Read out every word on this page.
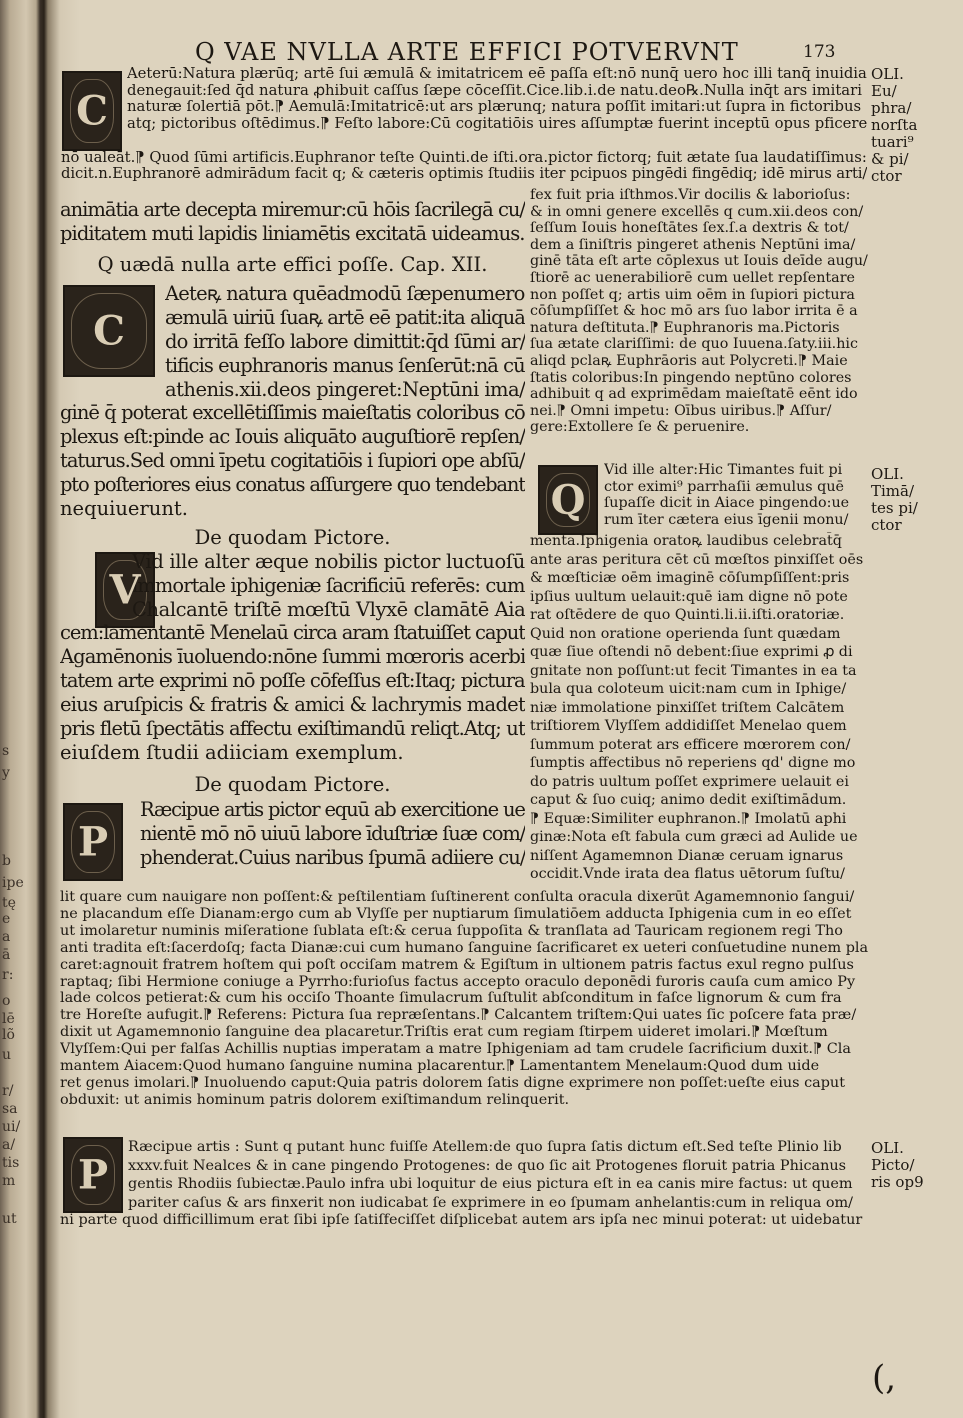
s
y
b
ipe
tę
e
a
ā
r:
o
lē
lõ
u
r/
sa
ui/
a/
tis
m
ut
Q VAE NVLLA ARTE EFFICI POTVERVNT	173
C

Aeterū:Natura plærūq; artē ſui æmulā & imitatricem eē paſſa eſt:nō nunq̄ uero hoc illi tanq̄ inuidia

denegauit:ſed q̄d natura ꝓhibuit caſſus ſæpe cōceſſit.Cice.lib.i.de natu.deo℞.Nulla inq̄t ars imitari

naturæ ſolertiā pōt.⁋ Aemulā:Imitatricē:ut ars plærunq; natura poſſit imitari:ut ſupra in fictoribus

atq; pictoribus oſtēdimus.⁋ Feſto labore:Cū cogitatiōis uires aſſumptæ fuerint inceptū opus pficere

nō ualeāt.⁋ Quod ſūmi artificis.Euphranor teſte Quinti.de iſti.ora.pictor fictorq; fuit ætate ſua laudatiſſimus:

dicit.n.Euphranorē admirādum facit q; & cæteris optimis ſtudiis iter pcipuos pingēdi fingēdiq; idē mirus arti/

OLI.

Eu/

phra/

norſta

tuari⁹

& pi/

ctor

animātia arte decepta miremur:cū hōis ſacrilegā cu/

piditatem muti lapidis liniamētis excitatā uideamus.

Q uædā nulla arte effici poſſe. Cap. XII.
C

Aeteꝶ natura quēadmodū ſæpenumero

æmulā uiriū ſuaꝶ artē eē patit:ita aliquā

do irritā feſſo labore dimittit:q̄d ſūmi ar/

tificis euphranoris manus ſenſerūt:nā cū

athenis.xii.deos pingeret:Neptūni ima/

ginē q̄ poterat excellētiſſimis maieſtatis coloribus cō

plexus eſt:pinde ac Iouis aliquāto auguſtiorē repſen/

taturus.Sed omni īpetu cogitatiōis i ſupiori ope abſū/

pto poſteriores eius conatus aſſurgere quo tendebant

nequiuerunt.

De quodam Pictore.
V

Vid ille alter æque nobilis pictor luctuoſū

immortale iphigeniæ ſacrificiū referēs: cum

Chalcantē triſtē mœſtū Vlyxē clamātē Aia

cem:lamentantē Menelaū circa aram ſtatuiſſet caput

Agamēnonis īuoluendo:nōne ſummi mœroris acerbi

tatem arte exprimi nō poſſe cōfeſſus eſt:Itaq; pictura

eius aruſpicis & fratris & amici & lachrymis madet

pris fletū ſpectātis affectu exiſtimandū reliqt.Atq; ut

eiuſdem ſtudii adiiciam exemplum.

De quodam Pictore.
P

Ræcipue artis pictor equū ab exercitione ue

nientē mō nō uiuū labore īduſtriæ ſuæ com/

phenderat.Cuius naribus ſpumā adiiere cu/

fex fuit pria iſthmos.Vir docilis & laborioſus:

& in omni genere excellēs q cum.xii.deos con/

ſeſſum Iouis honeſtātes ſex.ſ.a dextris & tot/

dem a ſiniſtris pingeret athenis Neptūni ima/

ginē tāta eſt arte cōplexus ut Iouis deīde augu/

ſtiorē ac uenerabiliorē cum uellet repſentare

non poſſet q; artis uim oēm in ſupiori pictura

cōſumpſiſſet & hoc mō ars ſuo labor irrita ē a

natura deſtituta.⁋ Euphranoris ma.Pictoris

ſua ætate clariſſimi: de quo Iuuena.ſaty.iii.hic

aliqd pclaꝶ Euphrāoris aut Polycreti.⁋ Maie

ſtatis coloribus:In pingendo neptūno colores

adhibuit q ad exprimēdam maieſtatē eēnt ido

nei.⁋ Omni impetu: Oībus uiribus.⁋ Aſſur/

gere:Extollere ſe & peruenire.

Q

Vid ille alter:Hic Timantes fuit pi

ctor eximi⁹ parrhaſii æmulus quē

ſupaſſe dicit in Aiace pingendo:ue

rum īter cætera eius īgenii monu/

menta.Iphigenia oratoꝶ laudibus celebrat̄q̄

ante aras peritura cēt cū mœſtos pinxiſſet oēs

& mœſticiæ oēm imaginē cōſumpſiſſent:pris

ipſius uultum uelauit:quē iam digne nō pote

rat oſtēdere de quo Quinti.li.ii.iſti.oratoriæ.

Quid non oratione operienda ſunt quædam

quæ ſiue oſtendi nō debent:ſiue exprimi ꝓ di

gnitate non poſſunt:ut fecit Timantes in ea ta

bula qua coloteum uicit:nam cum in Iphige/

niæ immolatione pinxiſſet triſtem Calcātem

triſtiorem Vlyſſem addidiſſet Menelao quem

ſummum poterat ars efficere mœrorem con/

ſumptis affectibus nō reperiens qd' digne mo

do patris uultum poſſet exprimere uelauit ei

caput & ſuo cuiq; animo dedit exiſtimādum.

⁋ Equæ:Similiter euphranon.⁋ Imolatū aphi

ginæ:Nota eſt fabula cum græci ad Aulide ue

niſſent Agamemnon Dianæ ceruam ignarus

occidit.Vnde irata dea flatus uētorum ſuſtu/

OLI.

Timā/

tes pi/

ctor

lit quare cum nauigare non poſſent:& peſtilentiam ſuſtinerent conſulta oracula dixerūt Agamemnonio ſangui/

ne placandum eſſe Dianam:ergo cum ab Vlyſſe per nuptiarum ſimulatiōem adducta Iphigenia cum in eo eſſet

ut imolaretur numinis miſeratione ſublata eſt:& cerua ſuppoſita & tranſlata ad Tauricam regionem regi Tho

anti tradita eſt:ſacerdoſq; facta Dianæ:cui cum humano ſanguine ſacrificaret ex ueteri conſuetudine nunem pla

caret:agnouit fratrem hoſtem qui poſt occiſam matrem & Egiſtum in ultionem patris factus exul regno pulſus

raptaq; ſibi Hermione coniuge a Pyrrho:furioſus factus accepto oraculo deponēdi furoris cauſa cum amico Py

lade colcos petierat:& cum his occiſo Thoante ſimulacrum ſuſtulit abſconditum in faſce lignorum & cum fra

tre Horeſte aufugit.⁋ Referens: Pictura ſua repræſentans.⁋ Calcantem triſtem:Qui uates ſic poſcere fata præ/

dixit ut Agamemnonio ſanguine dea placaretur.Triſtis erat cum regiam ſtirpem uideret imolari.⁋ Mœſtum

Vlyſſem:Qui per falſas Achillis nuptias imperatam a matre Iphigeniam ad tam crudele ſacrificium duxit.⁋ Cla

mantem Aiacem:Quod humano ſanguine numina placarentur.⁋ Lamentantem Menelaum:Quod dum uide

ret genus imolari.⁋ Inuoluendo caput:Quia patris dolorem ſatis digne exprimere non poſſet:ueſte eius caput

obduxit: ut animis hominum patris dolorem exiſtimandum relinquerit.

P

Ræcipue artis : Sunt q putant hunc fuiſſe Atellem:de quo ſupra ſatis dictum eſt.Sed teſte Plinio lib

xxxv.fuit Nealces & in cane pingendo Protogenes: de quo ſic ait Protogenes floruit patria Phicanus

gentis Rhodiis ſubiectæ.Paulo infra ubi loquitur de eius pictura eſt in ea canis mire factus: ut quem

pariter caſus & ars finxerit non iudicabat ſe exprimere in eo ſpumam anhelantis:cum in reliqua om/

ni parte quod difficillimum erat ſibi ipſe ſatiſfeciſſet diſplicebat autem ars ipſa nec minui poterat: ut uidebatur

OLI.

Picto/

ris op9

(,
